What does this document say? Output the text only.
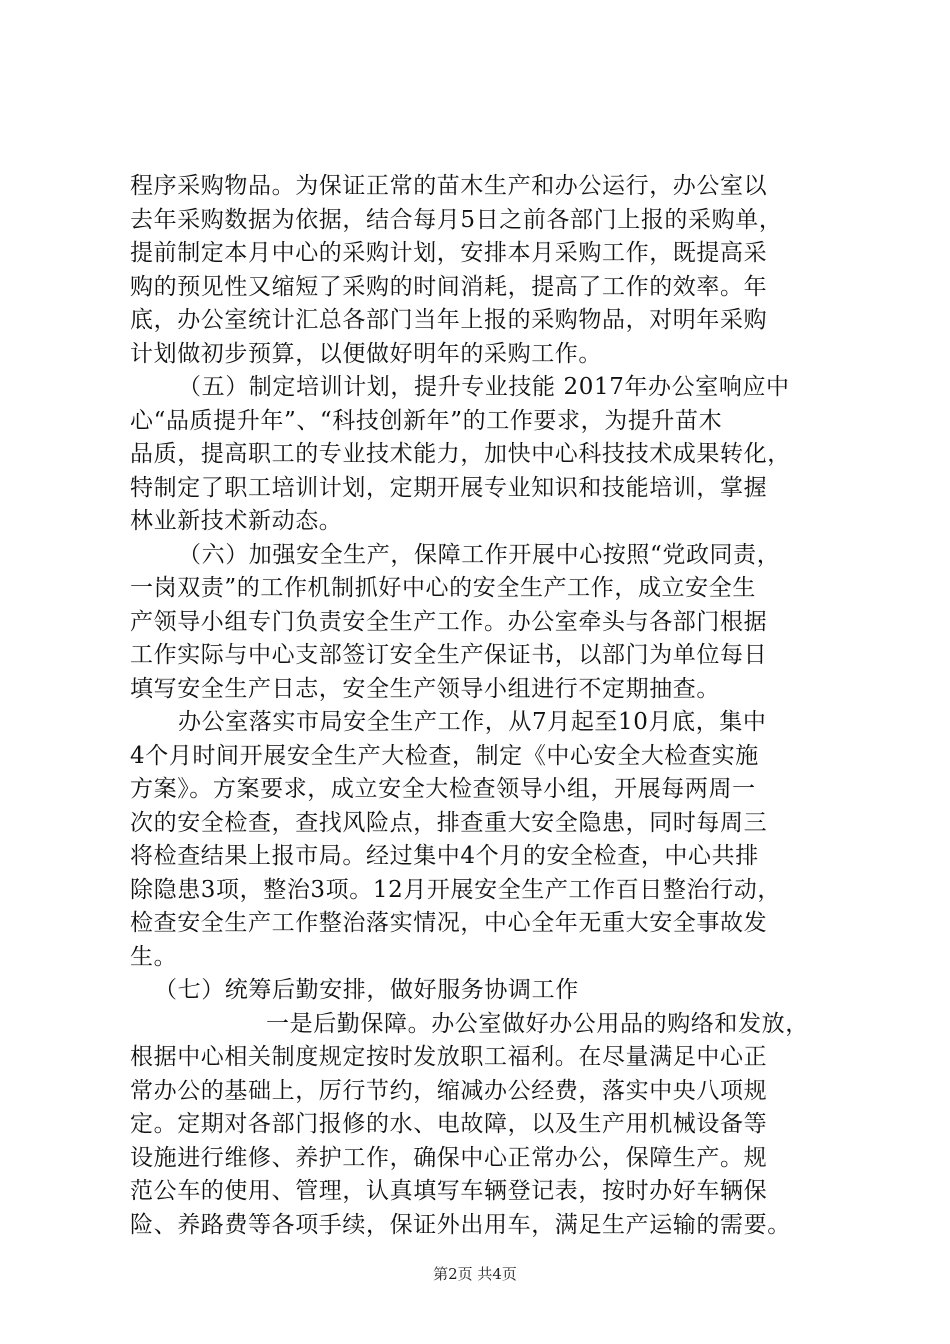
程序采购物品。为保证正常的苗木生产和办公运行，办公室以
去年采购数据为依据，结合每月5日之前各部门上报的采购单，
提前制定本月中心的采购计划，安排本月采购工作，既提高采
购的预见性又缩短了采购的时间消耗，提高了工作的效率。年
底，办公室统计汇总各部门当年上报的采购物品，对明年采购
计划做初步预算，以便做好明年的采购工作。
（五）制定培训计划，提升专业技能 2017年办公室响应中
心“品质提升年”、“科技创新年”的工作要求，为提升苗木
品质，提高职工的专业技术能力，加快中心科技技术成果转化，
特制定了职工培训计划，定期开展专业知识和技能培训，掌握
林业新技术新动态。
（六）加强安全生产，保障工作开展中心按照“党政同责，
一岗双责”的工作机制抓好中心的安全生产工作，成立安全生
产领导小组专门负责安全生产工作。办公室牵头与各部门根据
工作实际与中心支部签订安全生产保证书，以部门为单位每日
填写安全生产日志，安全生产领导小组进行不定期抽查。
办公室落实市局安全生产工作，从7月起至10月底，集中
4个月时间开展安全生产大检查，制定《中心安全大检查实施
方案》。方案要求，成立安全大检查领导小组，开展每两周一
次的安全检查，查找风险点，排查重大安全隐患，同时每周三
将检查结果上报市局。经过集中4个月的安全检查，中心共排
除隐患3项，整治3项。12月开展安全生产工作百日整治行动，
检查安全生产工作整治落实情况，中心全年无重大安全事故发
生。
（七）统筹后勤安排，做好服务协调工作
一是后勤保障。办公室做好办公用品的购络和发放，
根据中心相关制度规定按时发放职工福利。在尽量满足中心正
常办公的基础上，厉行节约，缩减办公经费，落实中央八项规
定。定期对各部门报修的水、电故障，以及生产用机械设备等
设施进行维修、养护工作，确保中心正常办公，保障生产。规
范公车的使用、管理，认真填写车辆登记表，按时办好车辆保
险、养路费等各项手续，保证外出用车，满足生产运输的需要。
第2页 共4页
